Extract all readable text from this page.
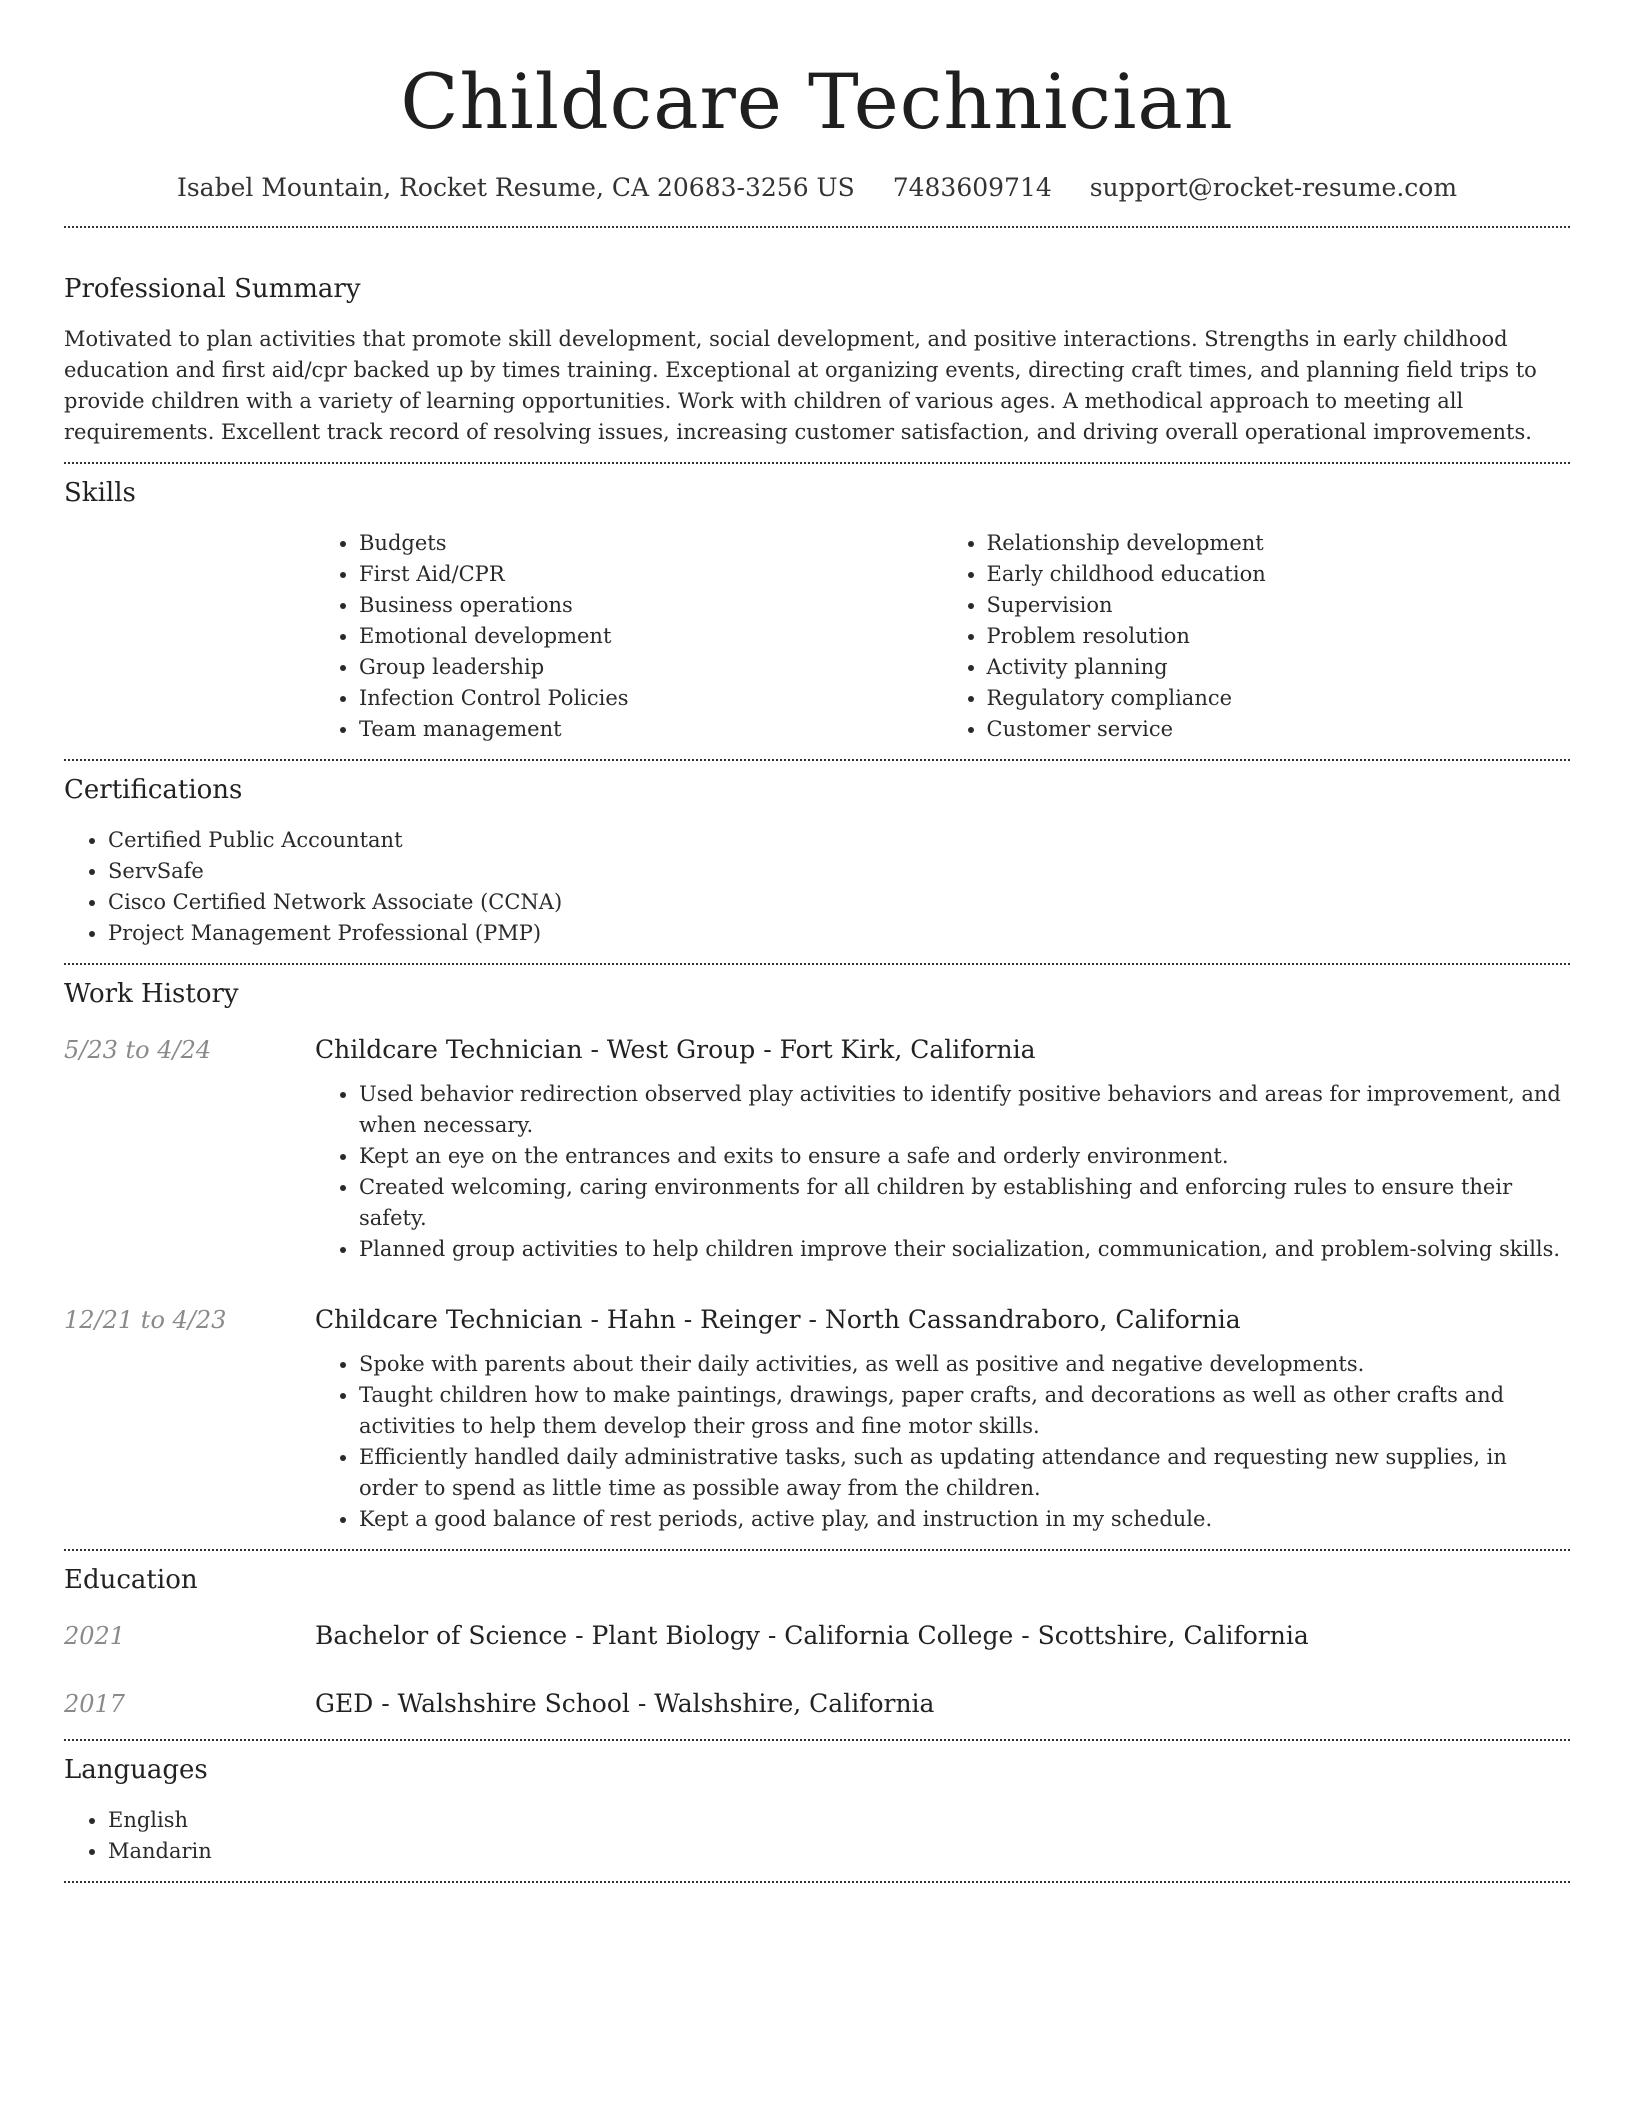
Childcare Technician
Isabel Mountain, Rocket Resume, CA 20683-3256 US 7483609714 support@rocket-resume.com
Professional Summary

Motivated to plan activities that promote skill development, social development, and positive interactions. Strengths in early childhood education and first aid/cpr backed up by times training. Exceptional at organizing events, directing craft times, and planning field trips to provide children with a variety of learning opportunities. Work with children of various ages. A methodical approach to meeting all requirements. Excellent track record of resolving issues, increasing customer satisfaction, and driving overall operational improvements.

Skills
• Budgets
• First Aid/CPR
• Business operations
• Emotional development
• Group leadership
• Infection Control Policies
• Team management
• Relationship development
• Early childhood education
• Supervision
• Problem resolution
• Activity planning
• Regulatory compliance
• Customer service
Certifications
• Certified Public Accountant
• ServSafe
• Cisco Certified Network Associate (CCNA)
• Project Management Professional (PMP)
Work History
5/23 to 4/24	Childcare Technician - West Group - Fort Kirk, California
• Used behavior redirection observed play activities to identify positive behaviors and areas for improvement, and when necessary.
• Kept an eye on the entrances and exits to ensure a safe and orderly environment.
• Created welcoming, caring environments for all children by establishing and enforcing rules to ensure their safety.
• Planned group activities to help children improve their socialization, communication, and problem-solving skills.
12/21 to 4/23	Childcare Technician - Hahn - Reinger - North Cassandraboro, California
• Spoke with parents about their daily activities, as well as positive and negative developments.
• Taught children how to make paintings, drawings, paper crafts, and decorations as well as other crafts and activities to help them develop their gross and fine motor skills.
• Efficiently handled daily administrative tasks, such as updating attendance and requesting new supplies, in order to spend as little time as possible away from the children.
• Kept a good balance of rest periods, active play, and instruction in my schedule.
Education
2021	Bachelor of Science - Plant Biology - California College - Scottshire, California
2017	GED - Walshshire School - Walshshire, California
Languages
• English
• Mandarin
